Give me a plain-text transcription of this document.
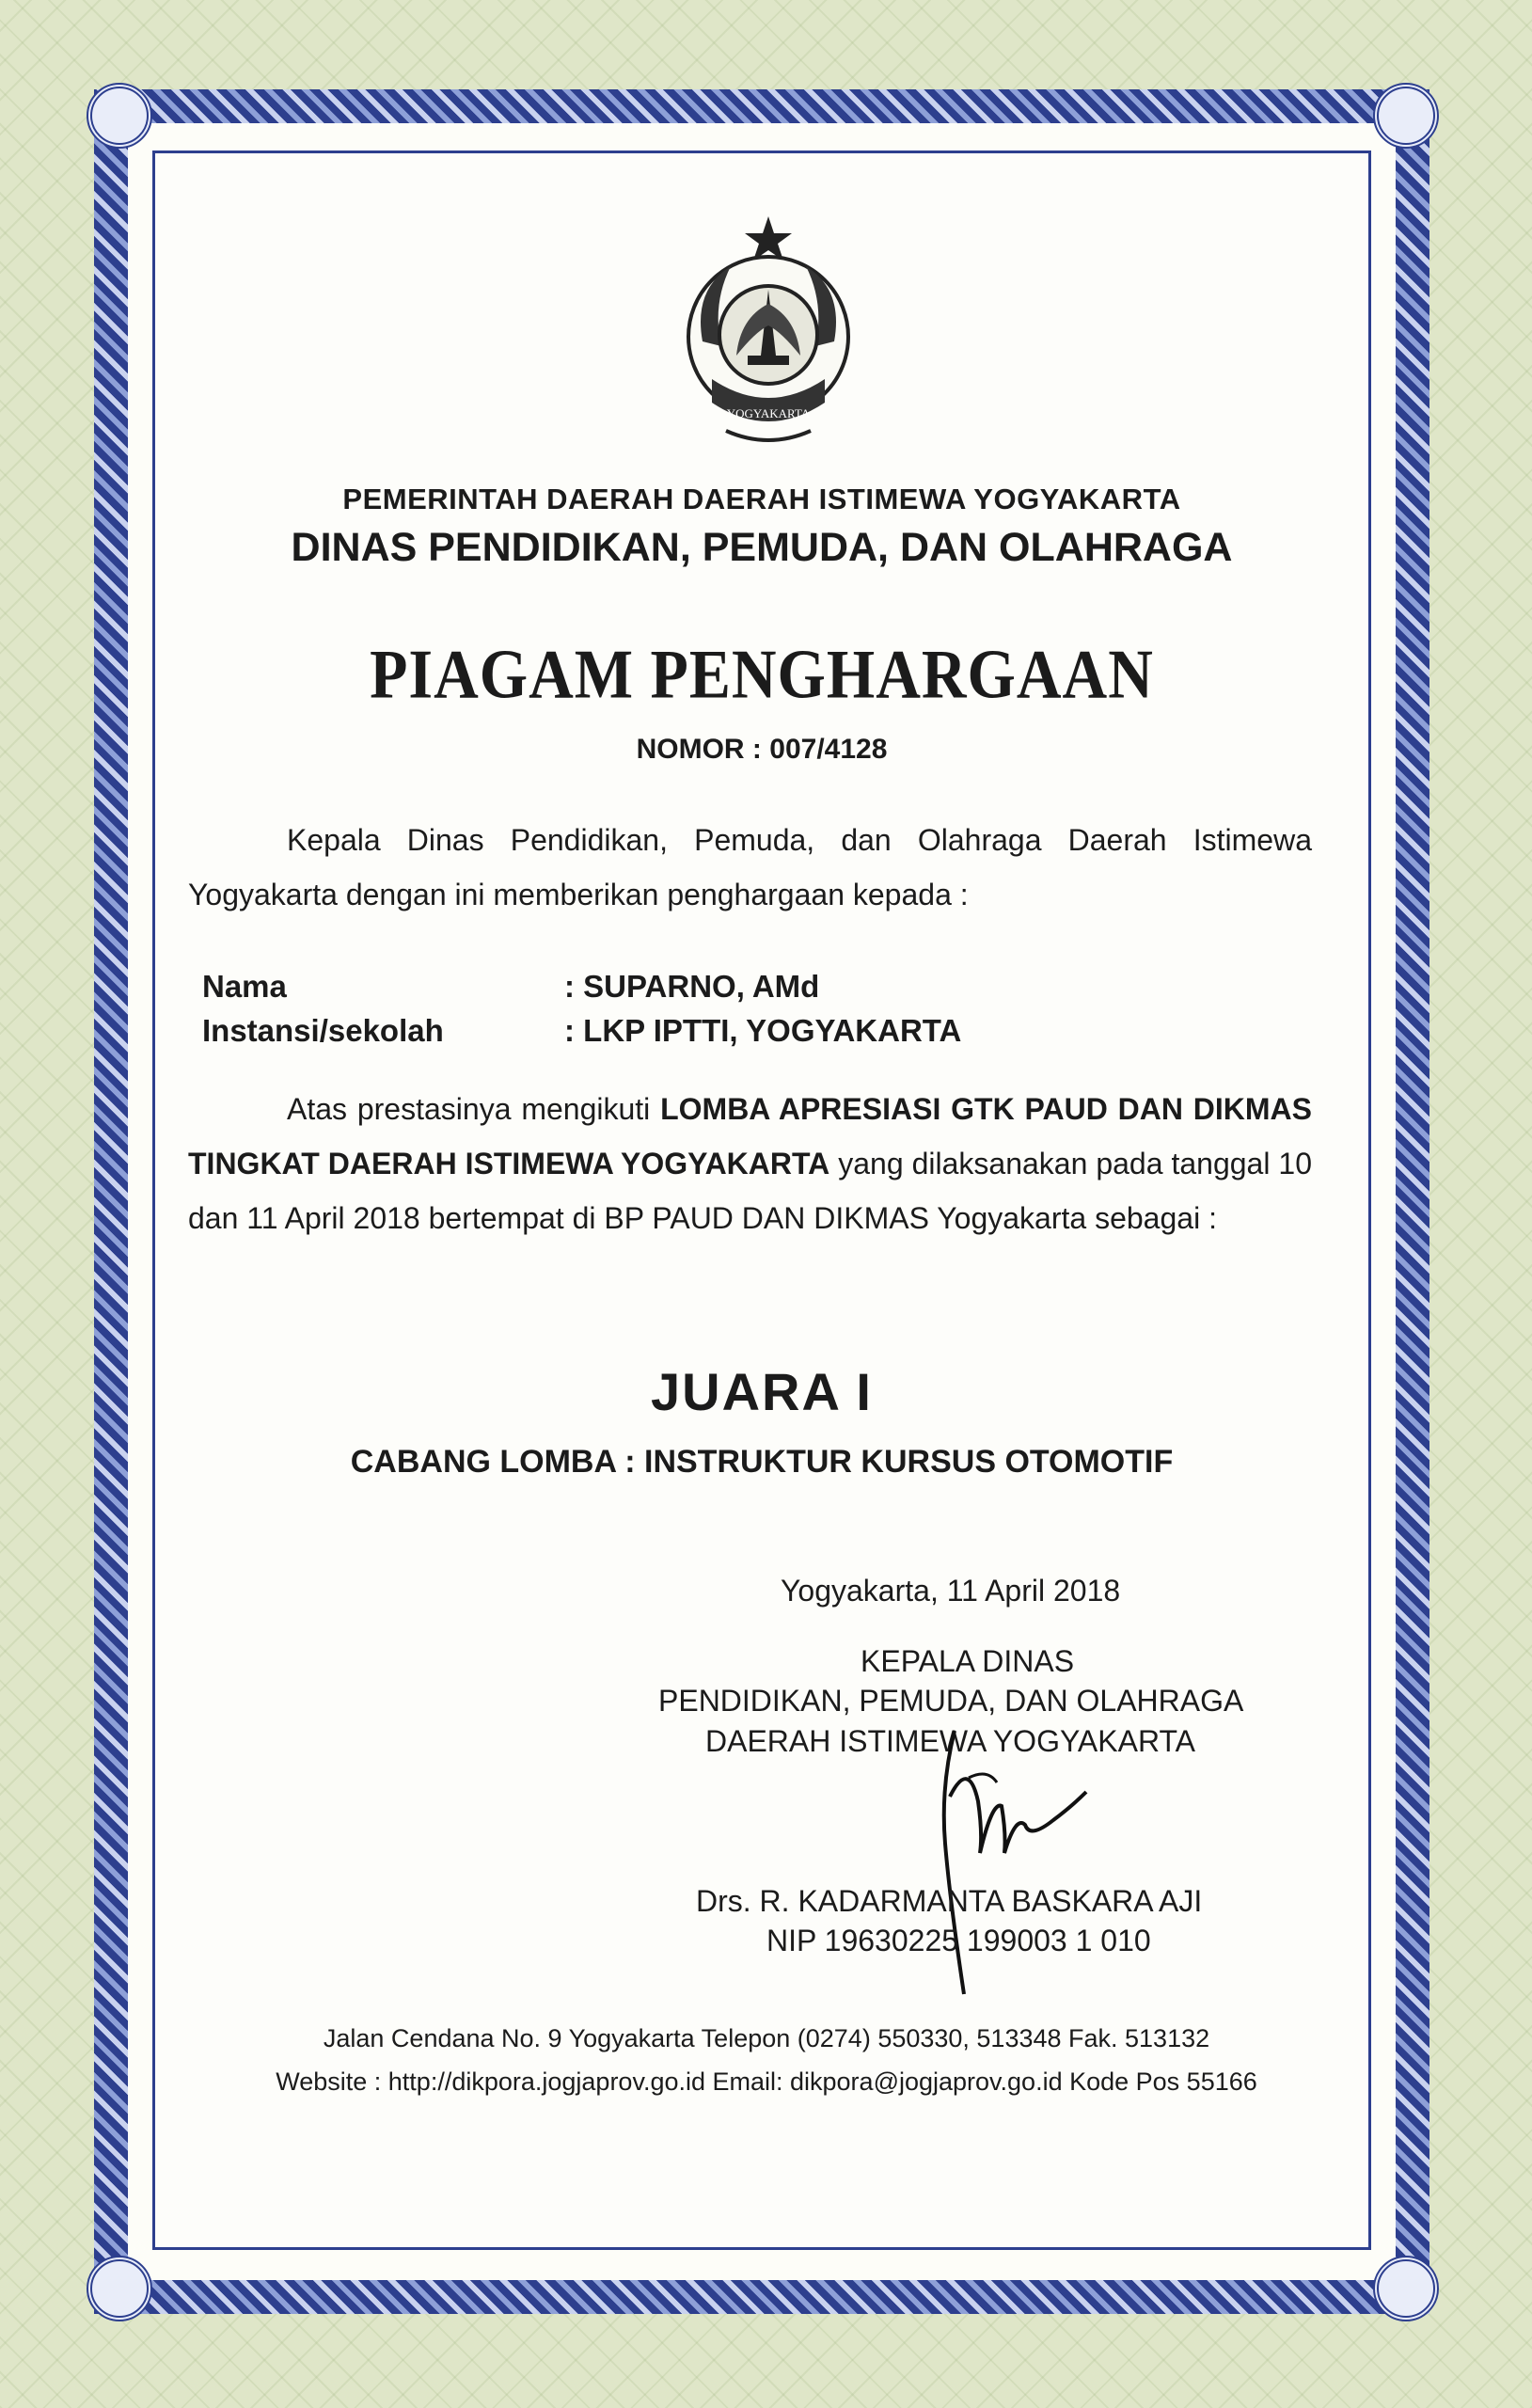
YOGYAKARTA
PEMERINTAH DAERAH DAERAH ISTIMEWA YOGYAKARTA
DINAS PENDIDIKAN, PEMUDA, DAN OLAHRAGA
PIAGAM PENGHARGAAN
NOMOR : 007/4128
Kepala Dinas Pendidikan, Pemuda, dan Olahraga Daerah Istimewa Yogyakarta dengan ini memberikan penghargaan kepada :
Nama	: SUPARNO, AMd
Instansi/sekolah	: LKP IPTTI, YOGYAKARTA
Atas prestasinya mengikuti LOMBA APRESIASI GTK PAUD DAN DIKMAS TINGKAT DAERAH ISTIMEWA YOGYAKARTA yang dilaksanakan pada tanggal 10 dan 11 April 2018 bertempat di BP PAUD DAN DIKMAS Yogyakarta sebagai :
JUARA I
CABANG LOMBA : INSTRUKTUR KURSUS OTOMOTIF
Yogyakarta, 11 April 2018
KEPALA DINAS
PENDIDIKAN, PEMUDA, DAN OLAHRAGA
DAERAH ISTIMEWA YOGYAKARTA
Drs. R. KADARMANTA BASKARA AJI
NIP 19630225 199003 1 010
Jalan Cendana No. 9 Yogyakarta Telepon (0274) 550330, 513348 Fak. 513132
Website : http://dikpora.jogjaprov.go.id Email: dikpora@jogjaprov.go.id Kode Pos 55166
